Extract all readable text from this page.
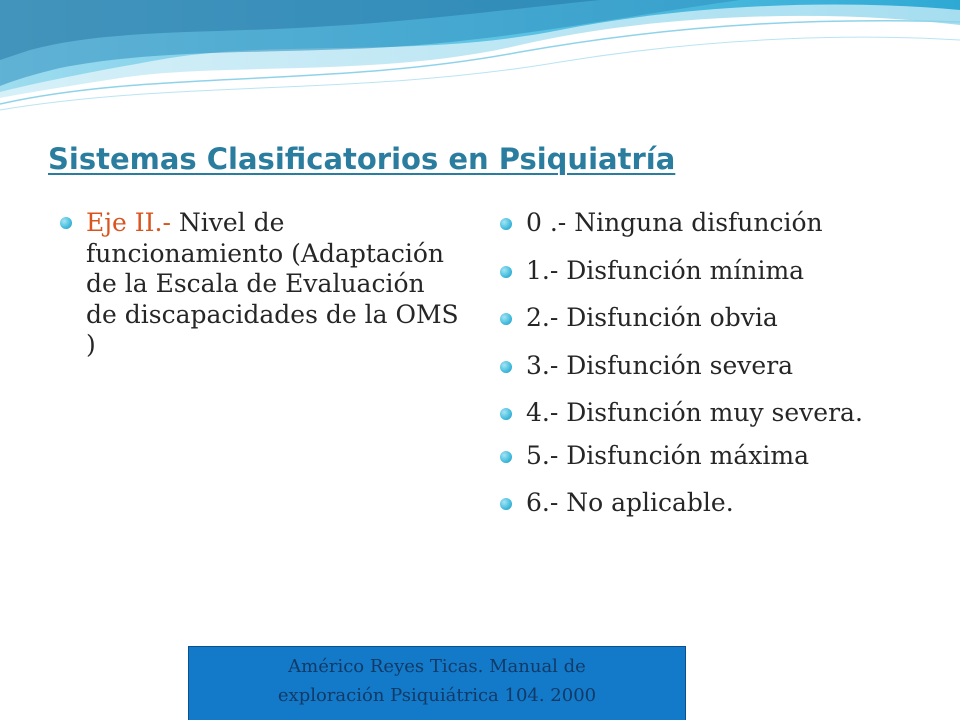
Sistemas Clasificatorios en Psiquiatría
Eje II.- Nivel de funcionamiento (Adaptación de la Escala de Evaluación de discapacidades de la OMS )
0 .- Ninguna disfunción
1.- Disfunción mínima
2.- Disfunción obvia
3.- Disfunción severa
4.- Disfunción muy severa.
5.- Disfunción máxima
6.- No aplicable.
Américo Reyes Ticas. Manual de
exploración Psiquiátrica 104. 2000
